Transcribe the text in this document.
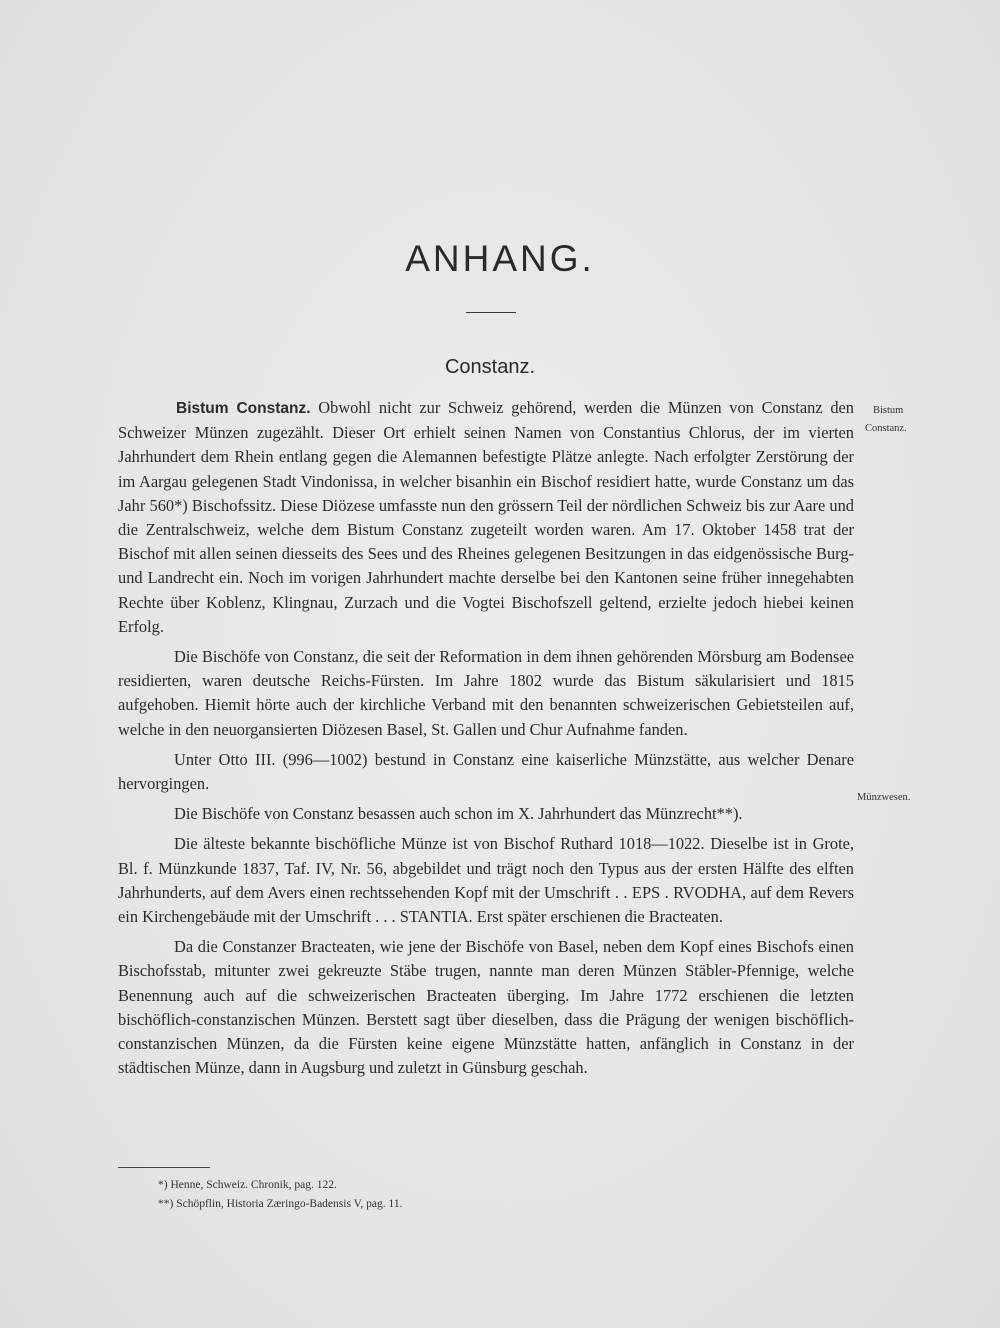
ANHANG.
Constanz.
Bistum
Constanz.
Münzwesen.

Bistum Constanz. Obwohl nicht zur Schweiz gehörend, werden die Münzen von Constanz den Schweizer Münzen zugezählt. Dieser Ort erhielt seinen Namen von Constantius Chlorus, der im vierten Jahrhundert dem Rhein entlang gegen die Alemannen befestigte Plätze anlegte. Nach erfolgter Zerstörung der im Aargau gelegenen Stadt Vindonissa, in welcher bisanhin ein Bischof residiert hatte, wurde Constanz um das Jahr 560*) Bischofssitz. Diese Diözese umfasste nun den grössern Teil der nördlichen Schweiz bis zur Aare und die Zentralschweiz, welche dem Bistum Constanz zugeteilt worden waren. Am 17. Oktober 1458 trat der Bischof mit allen seinen diesseits des Sees und des Rheines gelegenen Besitzungen in das eidgenössische Burg- und Landrecht ein. Noch im vorigen Jahrhundert machte derselbe bei den Kantonen seine früher innegehabten Rechte über Koblenz, Klingnau, Zurzach und die Vogtei Bischofszell geltend, erzielte jedoch hiebei keinen Erfolg.

Die Bischöfe von Constanz, die seit der Reformation in dem ihnen gehörenden Mörsburg am Bodensee residierten, waren deutsche Reichs-Fürsten. Im Jahre 1802 wurde das Bistum säkularisiert und 1815 aufgehoben. Hiemit hörte auch der kirchliche Verband mit den benannten schweizerischen Gebietsteilen auf, welche in den neuorgansierten Diözesen Basel, St. Gallen und Chur Aufnahme fanden.

Unter Otto III. (996—1002) bestund in Constanz eine kaiserliche Münzstätte, aus welcher Denare hervorgingen.

Die Bischöfe von Constanz besassen auch schon im X. Jahrhundert das Münzrecht**).

Die älteste bekannte bischöfliche Münze ist von Bischof Ruthard 1018—1022. Dieselbe ist in Grote, Bl. f. Münzkunde 1837, Taf. IV, Nr. 56, abgebildet und trägt noch den Typus aus der ersten Hälfte des elften Jahrhunderts, auf dem Avers einen rechtssehenden Kopf mit der Umschrift . . EPS . RVODHA, auf dem Revers ein Kirchengebäude mit der Umschrift . . . STANTIA. Erst später erschienen die Bracteaten.

Da die Constanzer Bracteaten, wie jene der Bischöfe von Basel, neben dem Kopf eines Bischofs einen Bischofsstab, mitunter zwei gekreuzte Stäbe trugen, nannte man deren Münzen Stäbler-Pfennige, welche Benennung auch auf die schweizerischen Bracteaten überging. Im Jahre 1772 erschienen die letzten bischöflich-constanzischen Münzen. Berstett sagt über dieselben, dass die Prägung der wenigen bischöflich-constanzischen Münzen, da die Fürsten keine eigene Münzstätte hatten, anfänglich in Constanz in der städtischen Münze, dann in Augsburg und zuletzt in Günsburg geschah.

*) Henne, Schweiz. Chronik, pag. 122.
**) Schöpflin, Historia Zæringo-Badensis V, pag. 11.
